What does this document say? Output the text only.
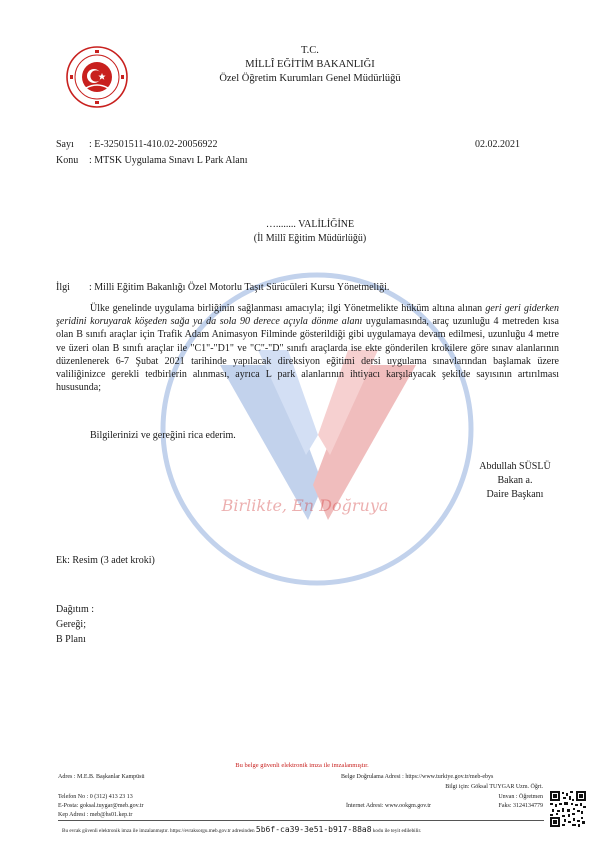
T.C.
MİLLÎ EĞİTİM BAKANLIĞI
Özel Öğretim Kurumları Genel Müdürlüğü
Birlikte, En Doğruya
Sayı : E-32501511-410.02-20056922	02.02.2021
Konu : MTSK Uygulama Sınavı L Park Alanı
…........ VALİLİĞİNE
(İl Millî Eğitim Müdürlüğü)
İlgi : Milli Eğitim Bakanlığı Özel Motorlu Taşıt Sürücüleri Kursu Yönetmeliği.
Ülke genelinde uygulama birliğinin sağlanması amacıyla; ilgi Yönetmelikte hüküm altına alınan geri geri giderken şeridini koruyarak köşeden sağa ya da sola 90 derece açıyla dönme alanı uygulamasında, araç uzunluğu 4 metreden kısa olan B sınıfı araçlar için Trafik Adam Animasyon Filminde gösterildiği gibi uygulamaya devam edilmesi, uzunluğu 4 metre ve üzeri olan B sınıfı araçlar ile "C1"-"D1" ve "C"-"D" sınıfı araçlarda ise ekte gönderilen krokilere göre sınav alanlarının düzenlenerek 6-7 Şubat 2021 tarihinde yapılacak direksiyon eğitimi dersi uygulama sınavlarından başlamak üzere valiliğinizce gerekli tedbirlerin alınması, ayrıca L park alanlarının ihtiyacı karşılayacak şekilde sayısının artırılması hususunda;
Bilgilerinizi ve gereğini rica ederim.
Abdullah SÜSLÜ
Bakan a.
Daire Başkanı
Ek: Resim (3 adet kroki)
Dağıtım :
Gereği;
B Planı
Bu belge güvenli elektronik imza ile imzalanmıştır.
Adres : M.E.B. Başkanlar Kampüsü	Belge Doğrulama Adresi : https://www.turkiye.gov.tr/meb-ebys
Bilgi için: Göksal TUYGAR Uzm. Öğrt.
Telefon No : 0 (312) 413 23 13	Unvan : Öğretmen
E-Posta: goksal.tuygar@meb.gov.tr	İnternet Adresi: www.ookgm.gov.tr	Faks: 3124134779
Kep Adresi : meb@hs01.kep.tr
Bu evrak güvenli elektronik imza ile imzalanmıştır. https://evraksorgu.meb.gov.tr adresinden 5b6f-ca39-3e51-b917-88a8 kodu ile teyit edilebilir.
